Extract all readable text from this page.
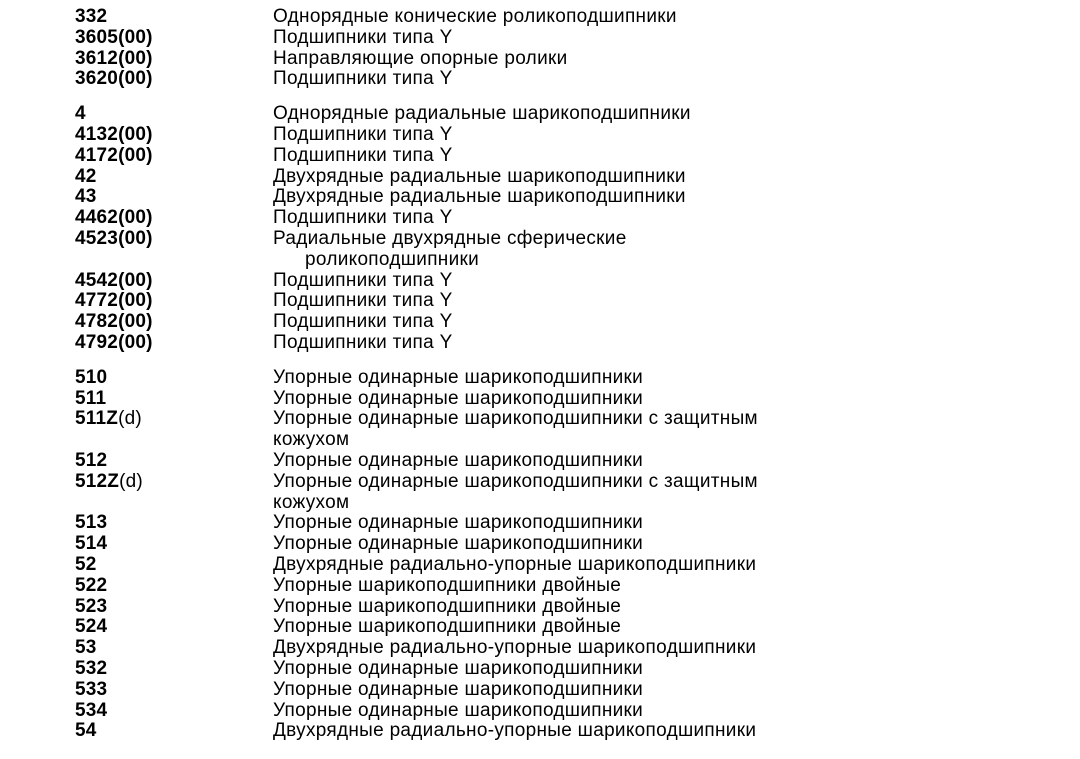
332	Однорядные конические роликоподшипники
3605(00)	Подшипники типа Y
3612(00)	Направляющие опорные ролики
3620(00)	Подшипники типа Y
4	Однорядные радиальные шарикоподшипники
4132(00)	Подшипники типа Y
4172(00)	Подшипники типа Y
42	Двухрядные радиальные шарикоподшипники
43	Двухрядные радиальные шарикоподшипники
4462(00)	Подшипники типа Y
4523(00)	Радиальные двухрядные сферические
роликоподшипники
4542(00)	Подшипники типа Y
4772(00)	Подшипники типа Y
4782(00)	Подшипники типа Y
4792(00)	Подшипники типа Y
510	Упорные одинарные шарикоподшипники
511	Упорные одинарные шарикоподшипники
511Z(d)	Упорные одинарные шарикоподшипники с защитным
кожухом
512	Упорные одинарные шарикоподшипники
512Z(d)	Упорные одинарные шарикоподшипники с защитным
кожухом
513	Упорные одинарные шарикоподшипники
514	Упорные одинарные шарикоподшипники
52	Двухрядные радиально-упорные шарикоподшипники
522	Упорные шарикоподшипники двойные
523	Упорные шарикоподшипники двойные
524	Упорные шарикоподшипники двойные
53	Двухрядные радиально-упорные шарикоподшипники
532	Упорные одинарные шарикоподшипники
533	Упорные одинарные шарикоподшипники
534	Упорные одинарные шарикоподшипники
54	Двухрядные радиально-упорные шарикоподшипники
